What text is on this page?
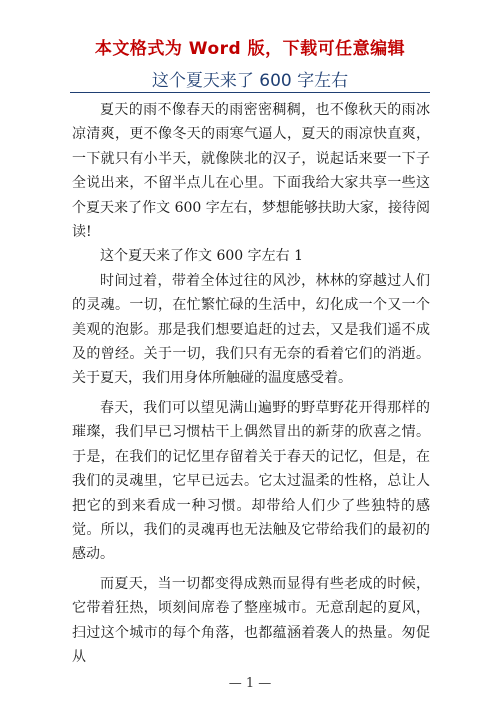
本文格式为 Word 版，下载可任意编辑
这个夏天来了 600 字左右

夏天的雨不像春天的雨密密稠稠，也不像秋天的雨冰凉清爽，更不像冬天的雨寒气逼人，夏天的雨凉快直爽，一下就只有小半天，就像陕北的汉子，说起话来要一下子全说出来，不留半点儿在心里。下面我给大家共享一些这个夏天来了作文 600 字左右，梦想能够扶助大家，接待阅读!

这个夏天来了作文 600 字左右 1

时间过着，带着全体过往的风沙，林林的穿越过人们的灵魂。一切，在忙繁忙碌的生活中，幻化成一个又一个美观的泡影。那是我们想要追赶的过去，又是我们遥不成及的曾经。关于一切，我们只有无奈的看着它们的消逝。关于夏天，我们用身体所触碰的温度感受着。

春天，我们可以望见满山遍野的野草野花开得那样的璀璨，我们早已习惯枯干上偶然冒出的新芽的欣喜之情。于是，在我们的记忆里存留着关于春天的记忆，但是，在我们的灵魂里，它早已远去。它太过温柔的性格，总让人把它的到来看成一种习惯。却带给人们少了些独特的感觉。所以，我们的灵魂再也无法触及它带给我们的最初的感动。

而夏天，当一切都变得成熟而显得有些老成的时候，它带着狂热，顷刻间席卷了整座城市。无意刮起的夏风，扫过这个城市的每个角落，也都蕴涵着袭人的热量。匆促从

— 1 —
